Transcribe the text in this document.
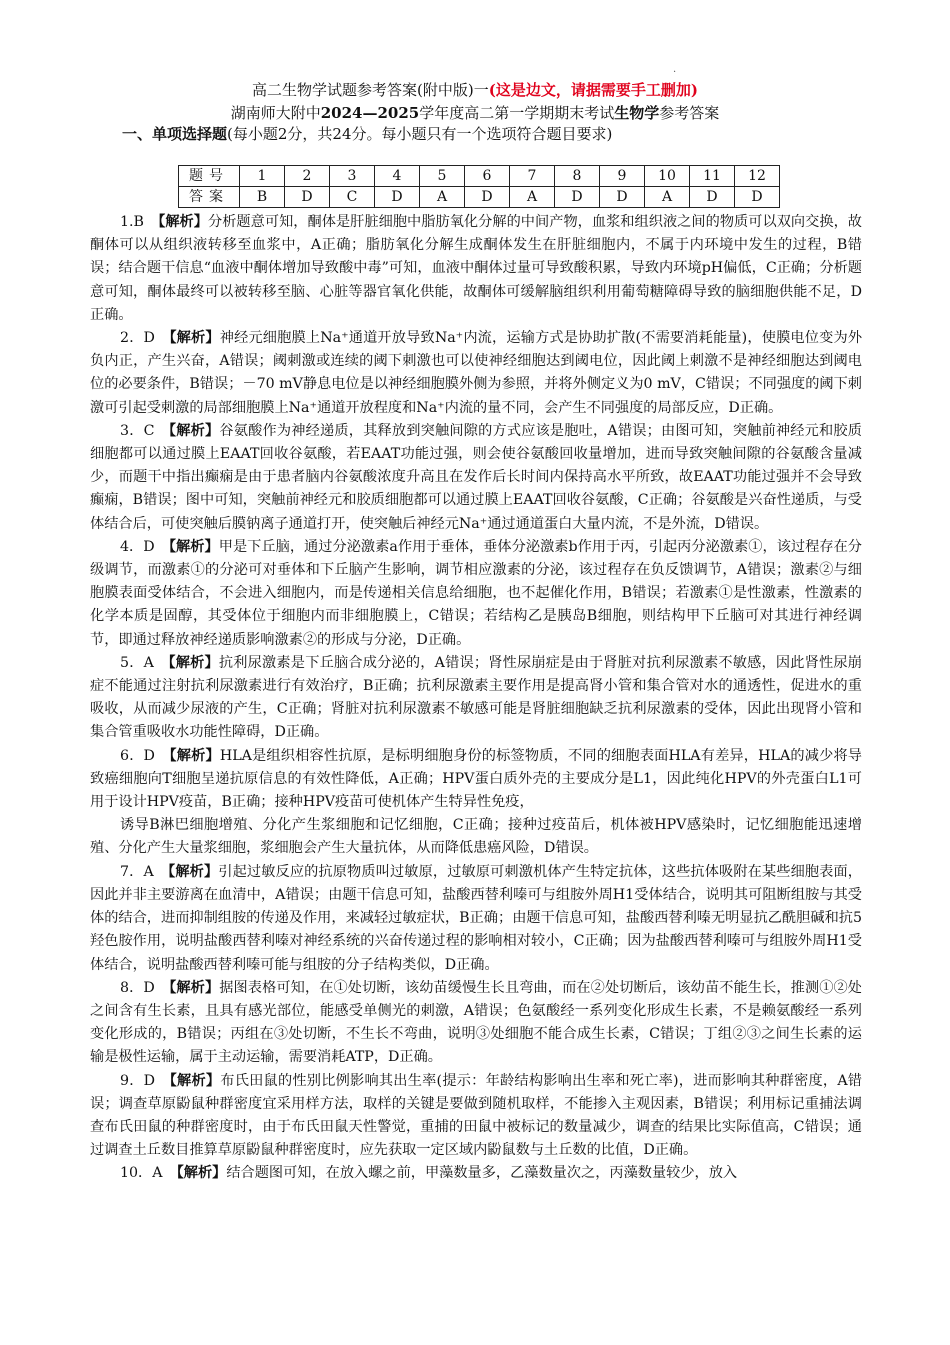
.
高二生物学试题参考答案(附中版)一(这是边文，请据需要手工删加)
湖南师大附中2024—2025学年度高二第一学期期末考试生物学参考答案
一、单项选择题(每小题2分，共24分。每小题只有一个选项符合题目要求)
题号	1	2	3	4	5	6	7	8	9	10	11	12
答案	B	D	C	D	A	D	A	D	D	A	D	D

1.B　 【解析】分析题意可知，酮体是肝脏细胞中脂肪氧化分解的中间产物，血浆和组织液之间的物质可以双向交换，故酮体可以从组织液转移至血浆中，A正确；脂肪氧化分解生成酮体发生在肝脏细胞内，不属于内环境中发生的过程，B错误；结合题干信息“血液中酮体增加导致酸中毒”可知，血液中酮体过量可导致酸积累，导致内环境pH偏低，C正确；分析题意可知，酮体最终可以被转移至脑、心脏等器官氧化供能，故酮体可缓解脑组织利用葡萄糖障碍导致的脑细胞供能不足，D正确。

2．D　 【解析】神经元细胞膜上Na⁺通道开放导致Na⁺内流，运输方式是协助扩散(不需要消耗能量)，使膜电位变为外负内正，产生兴奋，A错误；阈刺激或连续的阈下刺激也可以使神经细胞达到阈电位，因此阈上刺激不是神经细胞达到阈电位的必要条件，B错误；－70 mV静息电位是以神经细胞膜外侧为参照，并将外侧定义为0 mV，C错误；不同强度的阈下刺激可引起受刺激的局部细胞膜上Na⁺通道开放程度和Na⁺内流的量不同，会产生不同强度的局部反应，D正确。

3．C　 【解析】谷氨酸作为神经递质，其释放到突触间隙的方式应该是胞吐，A错误；由图可知，突触前神经元和胶质细胞都可以通过膜上EAAT回收谷氨酸，若EAAT功能过强，则会使谷氨酸回收量增加，进而导致突触间隙的谷氨酸含量减少，而题干中指出癫痫是由于患者脑内谷氨酸浓度升高且在发作后长时间内保持高水平所致，故EAAT功能过强并不会导致癫痫，B错误；图中可知，突触前神经元和胶质细胞都可以通过膜上EAAT回收谷氨酸，C正确；谷氨酸是兴奋性递质，与受体结合后，可使突触后膜钠离子通道打开，使突触后神经元Na⁺通过通道蛋白大量内流，不是外流，D错误。

4．D　 【解析】甲是下丘脑，通过分泌激素a作用于垂体，垂体分泌激素b作用于丙，引起丙分泌激素①，该过程存在分级调节，而激素①的分泌可对垂体和下丘脑产生影响，调节相应激素的分泌，该过程存在负反馈调节，A错误；激素②与细胞膜表面受体结合，不会进入细胞内，而是传递相关信息给细胞，也不起催化作用，B错误；若激素①是性激素，性激素的化学本质是固醇，其受体位于细胞内而非细胞膜上，C错误；若结构乙是胰岛B细胞，则结构甲下丘脑可对其进行神经调节，即通过释放神经递质影响激素②的形成与分泌，D正确。

5．A　 【解析】抗利尿激素是下丘脑合成分泌的，A错误；肾性尿崩症是由于肾脏对抗利尿激素不敏感，因此肾性尿崩症不能通过注射抗利尿激素进行有效治疗，B正确；抗利尿激素主要作用是提高肾小管和集合管对水的通透性，促进水的重吸收，从而减少尿液的产生，C正确；肾脏对抗利尿激素不敏感可能是肾脏细胞缺乏抗利尿激素的受体，因此出现肾小管和集合管重吸收水功能性障碍，D正确。

6．D　 【解析】HLA是组织相容性抗原，是标明细胞身份的标签物质，不同的细胞表面HLA有差异，HLA的减少将导致癌细胞向T细胞呈递抗原信息的有效性降低，A正确；HPV蛋白质外壳的主要成分是L1，因此纯化HPV的外壳蛋白L1可用于设计HPV疫苗，B正确；接种HPV疫苗可使机体产生特异性免疫，

诱导B淋巴细胞增殖、分化产生浆细胞和记忆细胞，C正确；接种过疫苗后，机体被HPV感染时，记忆细胞能迅速增殖、分化产生大量浆细胞，浆细胞会产生大量抗体，从而降低患癌风险，D错误。

7．A　 【解析】引起过敏反应的抗原物质叫过敏原，过敏原可刺激机体产生特定抗体，这些抗体吸附在某些细胞表面，因此并非主要游离在血清中，A错误；由题干信息可知，盐酸西替利嗪可与组胺外周H1受体结合，说明其可阻断组胺与其受体的结合，进而抑制组胺的传递及作用，来减轻过敏症状，B正确；由题干信息可知，盐酸西替利嗪无明显抗乙酰胆碱和抗5羟色胺作用，说明盐酸西替利嗪对神经系统的兴奋传递过程的影响相对较小，C正确；因为盐酸西替利嗪可与组胺外周H1受体结合，说明盐酸西替利嗪可能与组胺的分子结构类似，D正确。

8．D　 【解析】据图表格可知，在①处切断，该幼苗缓慢生长且弯曲，而在②处切断后，该幼苗不能生长，推测①②处之间含有生长素，且具有感光部位，能感受单侧光的刺激，A错误；色氨酸经一系列变化形成生长素，不是赖氨酸经一系列变化形成的，B错误；丙组在③处切断，不生长不弯曲，说明③处细胞不能合成生长素，C错误；丁组②③之间生长素的运输是极性运输，属于主动运输，需要消耗ATP，D正确。

9．D　 【解析】布氏田鼠的性别比例影响其出生率(提示：年龄结构影响出生率和死亡率)，进而影响其种群密度，A错误；调查草原鼢鼠种群密度宜采用样方法，取样的关键是要做到随机取样，不能掺入主观因素，B错误；利用标记重捕法调查布氏田鼠的种群密度时，由于布氏田鼠天性警觉，重捕的田鼠中被标记的数量减少，调查的结果比实际值高，C错误；通过调查土丘数目推算草原鼢鼠种群密度时，应先获取一定区域内鼢鼠数与土丘数的比值，D正确。

10．A　 【解析】结合题图可知，在放入螺之前，甲藻数量多，乙藻数量次之，丙藻数量较少，放入
